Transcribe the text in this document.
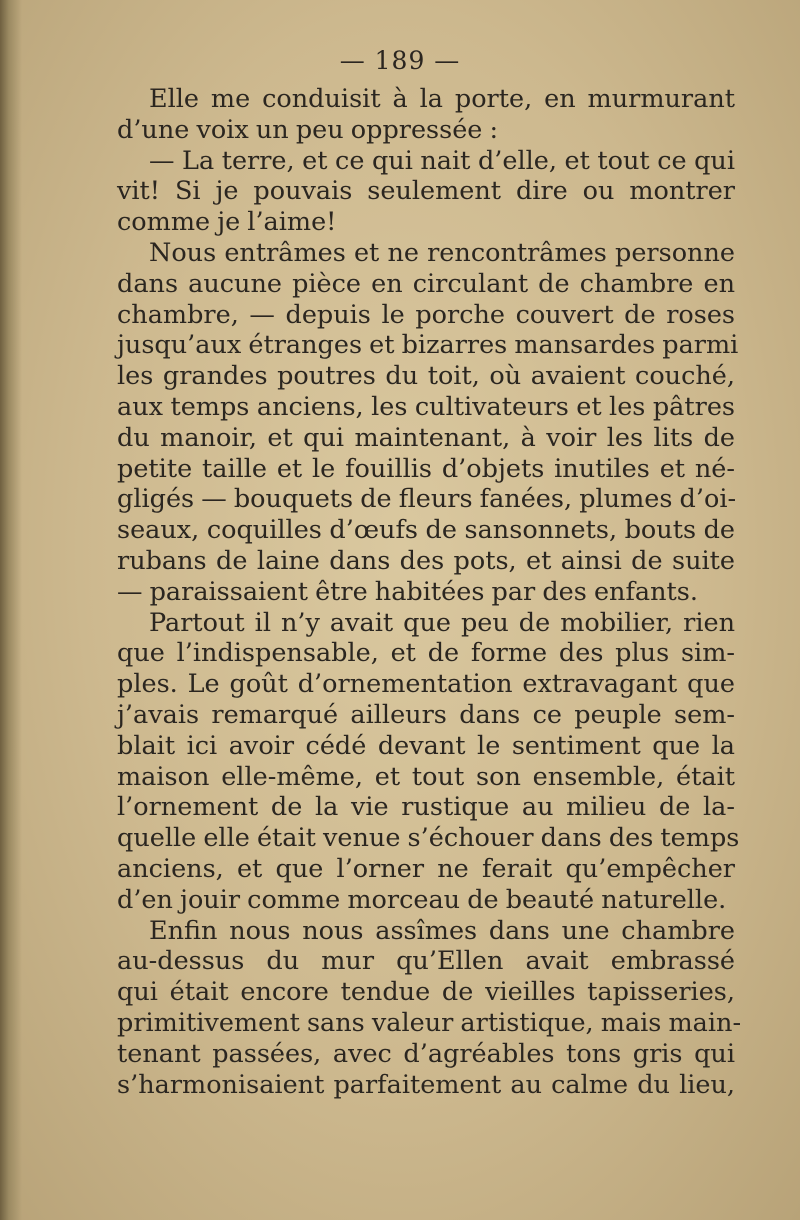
— 189 —
Elle me conduisit à la porte, en murmurant
d’une voix un peu oppressée :
— La terre, et ce qui nait d’elle, et tout ce qui
vit! Si je pouvais seulement dire ou montrer
comme je l’aime!
Nous entrâmes et ne rencontrâmes personne
dans aucune pièce en circulant de chambre en
chambre, — depuis le porche couvert de roses
jusqu’aux étranges et bizarres mansardes parmi
les grandes poutres du toit, où avaient couché,
aux temps anciens, les cultivateurs et les pâtres
du manoir, et qui maintenant, à voir les lits de
petite taille et le fouillis d’objets inutiles et né-
gligés — bouquets de fleurs fanées, plumes d’oi-
seaux, coquilles d’œufs de sansonnets, bouts de
rubans de laine dans des pots, et ainsi de suite
— paraissaient être habitées par des enfants.
Partout il n’y avait que peu de mobilier, rien
que l’indispensable, et de forme des plus sim-
ples. Le goût d’ornementation extravagant que
j’avais remarqué ailleurs dans ce peuple sem-
blait ici avoir cédé devant le sentiment que la
maison elle-même, et tout son ensemble, était
l’ornement de la vie rustique au milieu de la-
quelle elle était venue s’échouer dans des temps
anciens, et que l’orner ne ferait qu’empêcher
d’en jouir comme morceau de beauté naturelle.
Enfin nous nous assîmes dans une chambre
au-dessus du mur qu’Ellen avait embrassé
qui était encore tendue de vieilles tapisseries,
primitivement sans valeur artistique, mais main-
tenant passées, avec d’agréables tons gris qui
s’harmonisaient parfaitement au calme du lieu,
